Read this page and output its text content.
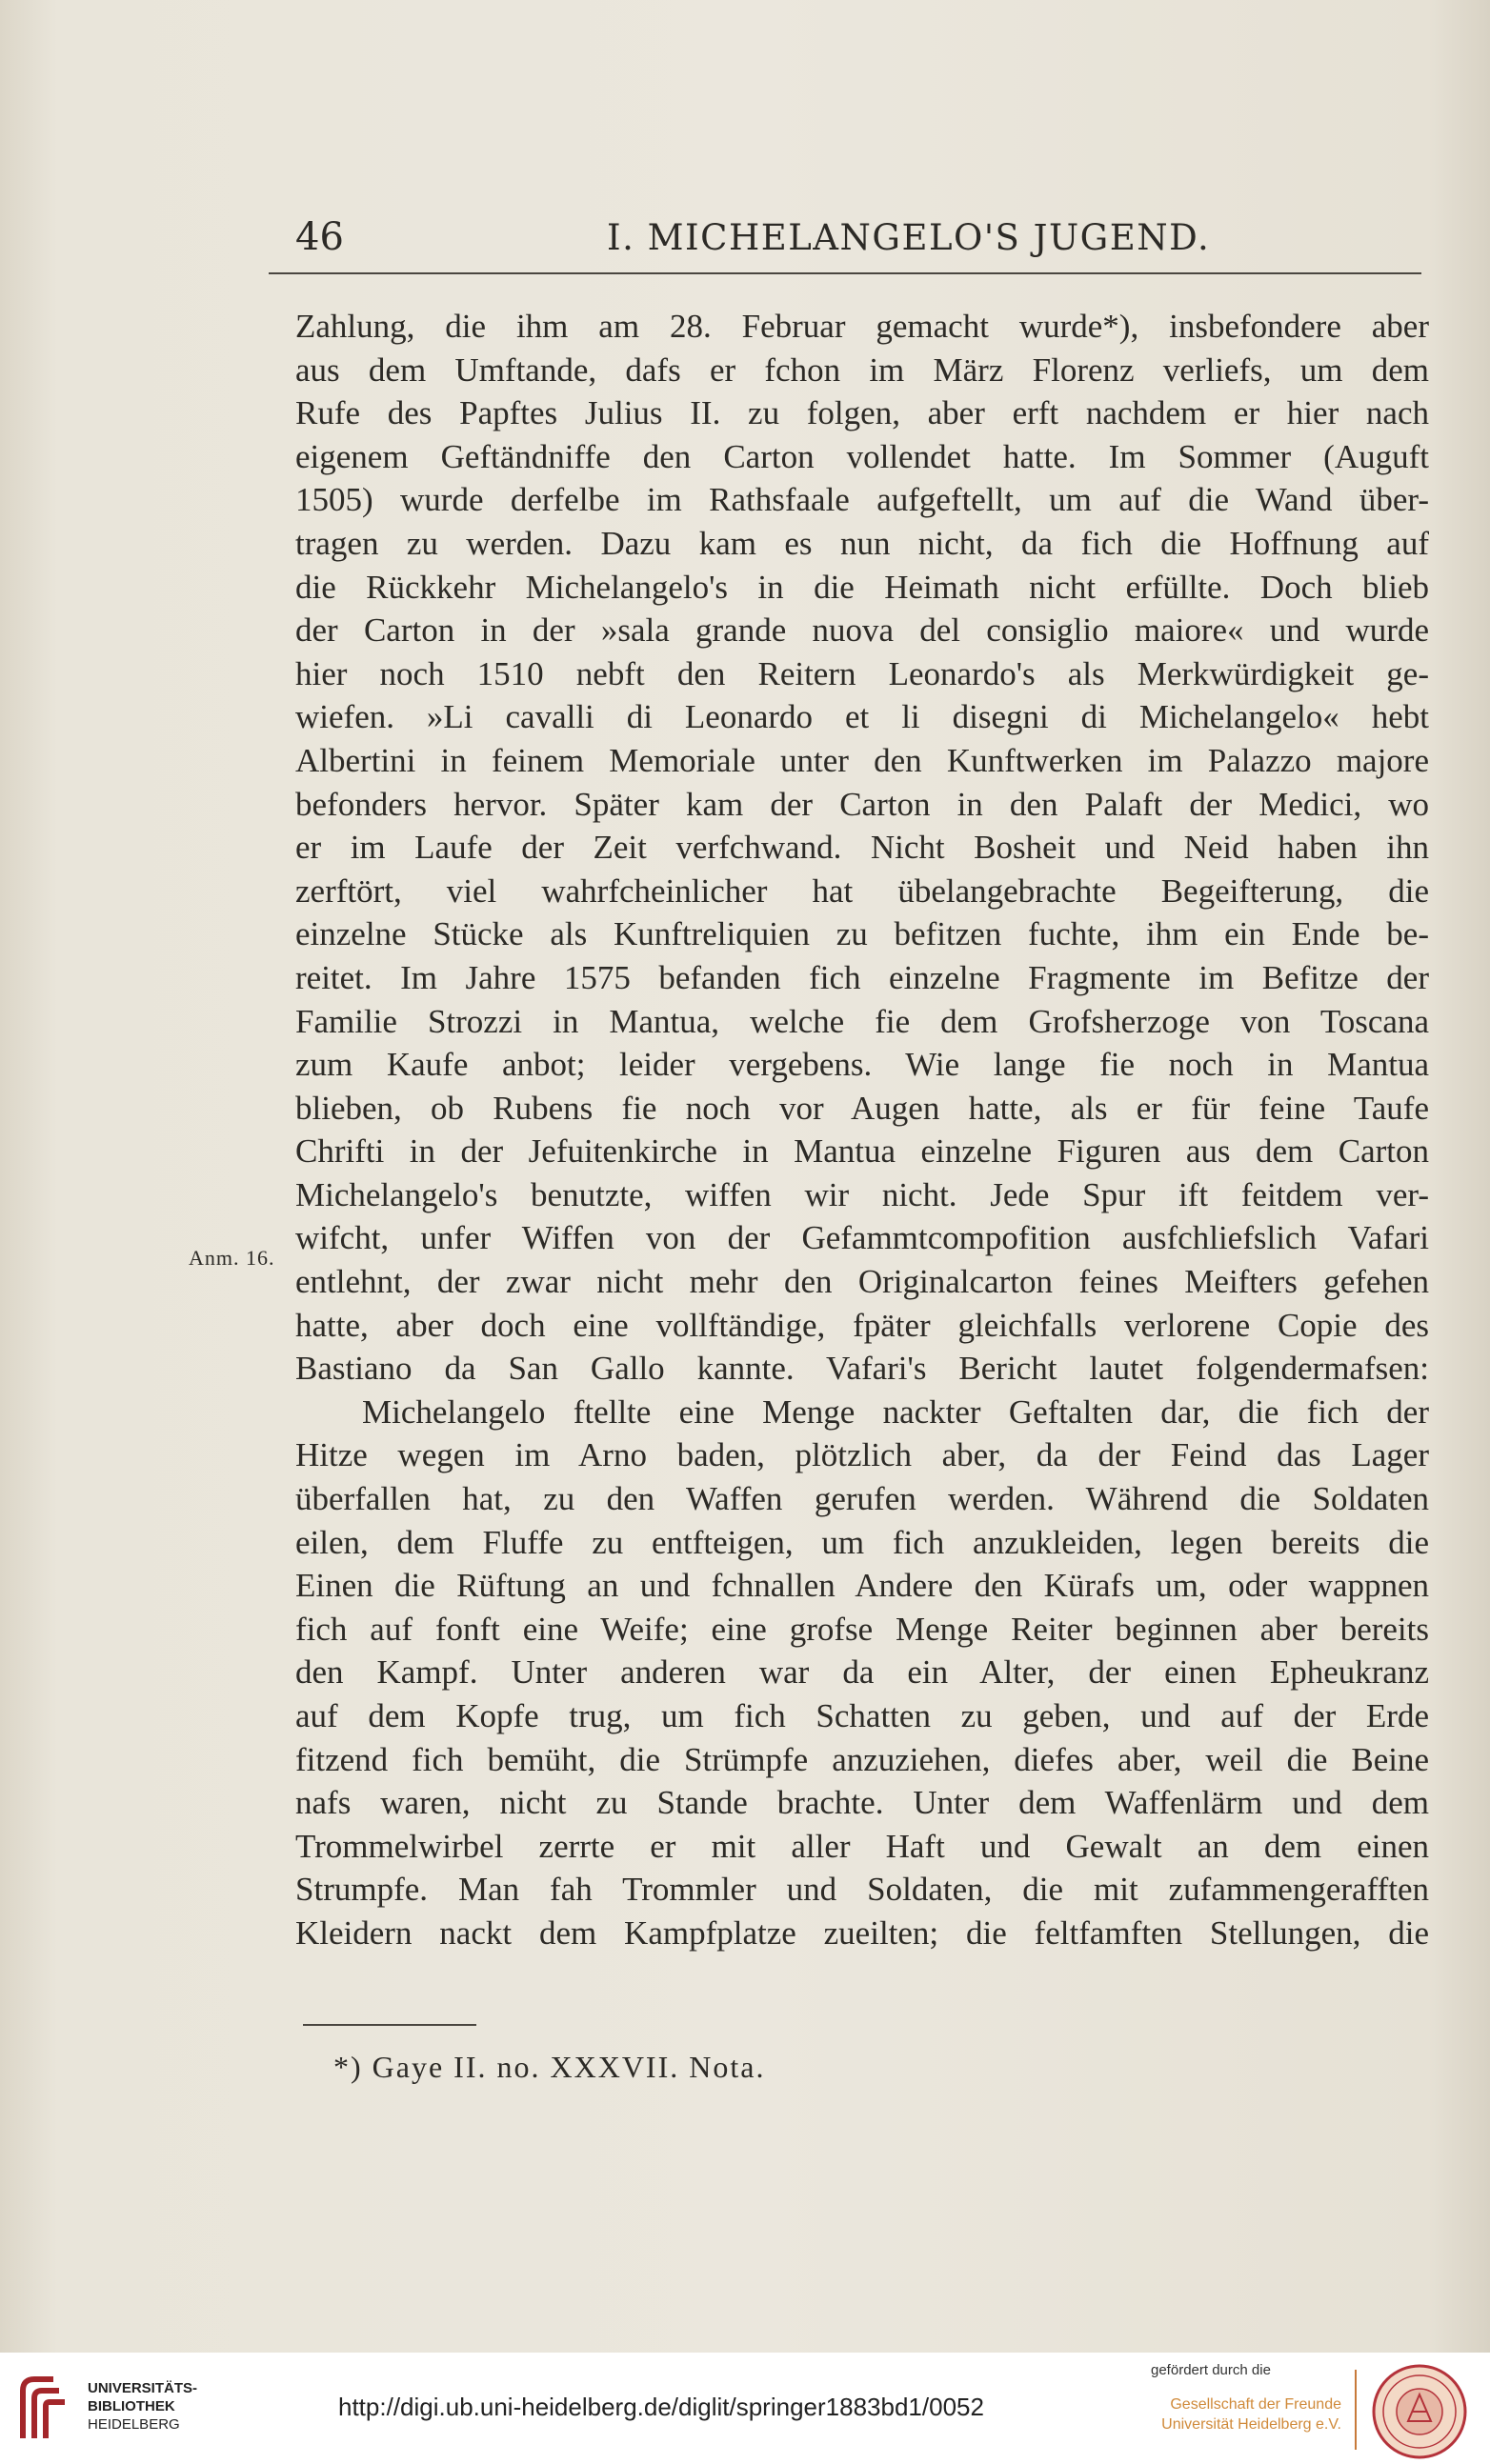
46	I. MICHELANGELO'S JUGEND.
Anm. 16.
Zahlung, die ihm am 28. Februar gemacht wurde*), insbefondere aber
aus dem Umftande, dafs er fchon im März Florenz verliefs, um dem
Rufe des Papftes Julius II. zu folgen, aber erft nachdem er hier nach
eigenem Geftändniffe den Carton vollendet hatte. Im Sommer (Auguft
1505) wurde derfelbe im Rathsfaale aufgeftellt, um auf die Wand über-
tragen zu werden. Dazu kam es nun nicht, da fich die Hoffnung auf
die Rückkehr Michelangelo's in die Heimath nicht erfüllte. Doch blieb
der Carton in der »sala grande nuova del consiglio maiore« und wurde
hier noch 1510 nebft den Reitern Leonardo's als Merkwürdigkeit ge-
wiefen. »Li cavalli di Leonardo et li disegni di Michelangelo« hebt
Albertini in feinem Memoriale unter den Kunftwerken im Palazzo majore
befonders hervor. Später kam der Carton in den Palaft der Medici, wo
er im Laufe der Zeit verfchwand. Nicht Bosheit und Neid haben ihn
zerftört, viel wahrfcheinlicher hat übelangebrachte Begeifterung, die
einzelne Stücke als Kunftreliquien zu befitzen fuchte, ihm ein Ende be-
reitet. Im Jahre 1575 befanden fich einzelne Fragmente im Befitze der
Familie Strozzi in Mantua, welche fie dem Grofsherzoge von Toscana
zum Kaufe anbot; leider vergebens. Wie lange fie noch in Mantua
blieben, ob Rubens fie noch vor Augen hatte, als er für feine Taufe
Chrifti in der Jefuitenkirche in Mantua einzelne Figuren aus dem Carton
Michelangelo's benutzte, wiffen wir nicht. Jede Spur ift feitdem ver-
wifcht, unfer Wiffen von der Gefammtcompofition ausfchliefslich Vafari
entlehnt, der zwar nicht mehr den Originalcarton feines Meifters gefehen
hatte, aber doch eine vollftändige, fpäter gleichfalls verlorene Copie des
Bastiano da San Gallo kannte. Vafari's Bericht lautet folgendermafsen:
Michelangelo ftellte eine Menge nackter Geftalten dar, die fich der
Hitze wegen im Arno baden, plötzlich aber, da der Feind das Lager
überfallen hat, zu den Waffen gerufen werden. Während die Soldaten
eilen, dem Fluffe zu entfteigen, um fich anzukleiden, legen bereits die
Einen die Rüftung an und fchnallen Andere den Kürafs um, oder wappnen
fich auf fonft eine Weife; eine grofse Menge Reiter beginnen aber bereits
den Kampf. Unter anderen war da ein Alter, der einen Epheukranz
auf dem Kopfe trug, um fich Schatten zu geben, und auf der Erde
fitzend fich bemüht, die Strümpfe anzuziehen, diefes aber, weil die Beine
nafs waren, nicht zu Stande brachte. Unter dem Waffenlärm und dem
Trommelwirbel zerrte er mit aller Haft und Gewalt an dem einen
Strumpfe. Man fah Trommler und Soldaten, die mit zufammengerafften
Kleidern nackt dem Kampfplatze zueilten; die feltfamften Stellungen, die
*) Gaye II. no. XXXVII. Nota.
UNIVERSITÄTS-
BIBLIOTHEK
HEIDELBERG
http://digi.ub.uni-heidelberg.de/diglit/springer1883bd1/0052
gefördert durch die
Gesellschaft der Freunde
Universität Heidelberg e.V.
